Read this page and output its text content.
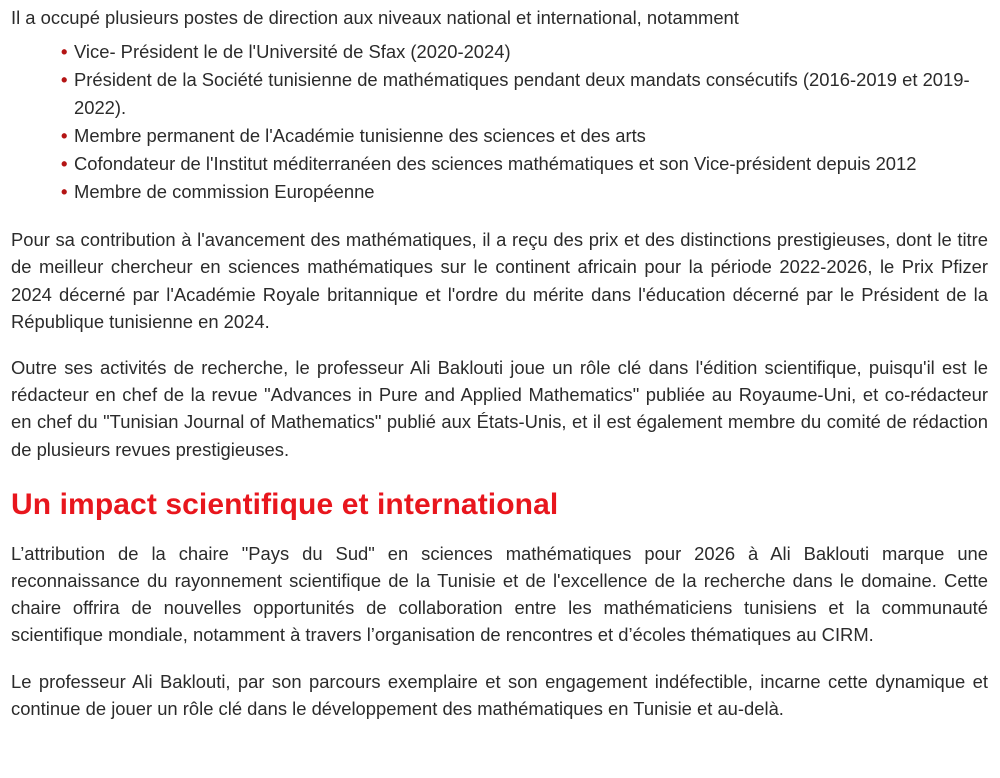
Il a occupé plusieurs postes de direction aux niveaux national et international, notamment

• Vice- Président le de l'Université de Sfax (2020-2024)
• Président de la Société tunisienne de mathématiques pendant deux mandats consécutifs (2016-2019 et 2019-2022).
• Membre permanent de l'Académie tunisienne des sciences et des arts
• Cofondateur de l'Institut méditerranéen des sciences mathématiques et son Vice-président depuis 2012
• Membre de commission Européenne

Pour sa contribution à l'avancement des mathématiques, il a reçu des prix et des distinctions prestigieuses, dont le titre de meilleur chercheur en sciences mathématiques sur le continent africain pour la période 2022-2026, le Prix Pfizer 2024 décerné par l'Académie Royale britannique et l'ordre du mérite dans l'éducation décerné par le Président de la République tunisienne en 2024.

Outre ses activités de recherche, le professeur Ali Baklouti joue un rôle clé dans l'édition scientifique, puisqu'il est le rédacteur en chef de la revue "Advances in Pure and Applied Mathematics" publiée au Royaume-Uni, et co-rédacteur en chef du "Tunisian Journal of Mathematics" publié aux États-Unis, et il est également membre du comité de rédaction de plusieurs revues prestigieuses.

Un impact scientifique et international

L’attribution de la chaire "Pays du Sud" en sciences mathématiques pour 2026 à Ali Baklouti marque une reconnaissance du rayonnement scientifique de la Tunisie et de l'excellence de la recherche dans le domaine. Cette chaire offrira de nouvelles opportunités de collaboration entre les mathématiciens tunisiens et la communauté scientifique mondiale, notamment à travers l’organisation de rencontres et d’écoles thématiques au CIRM.

Le professeur Ali Baklouti, par son parcours exemplaire et son engagement indéfectible, incarne cette dynamique et continue de jouer un rôle clé dans le développement des mathématiques en Tunisie et au-delà.
